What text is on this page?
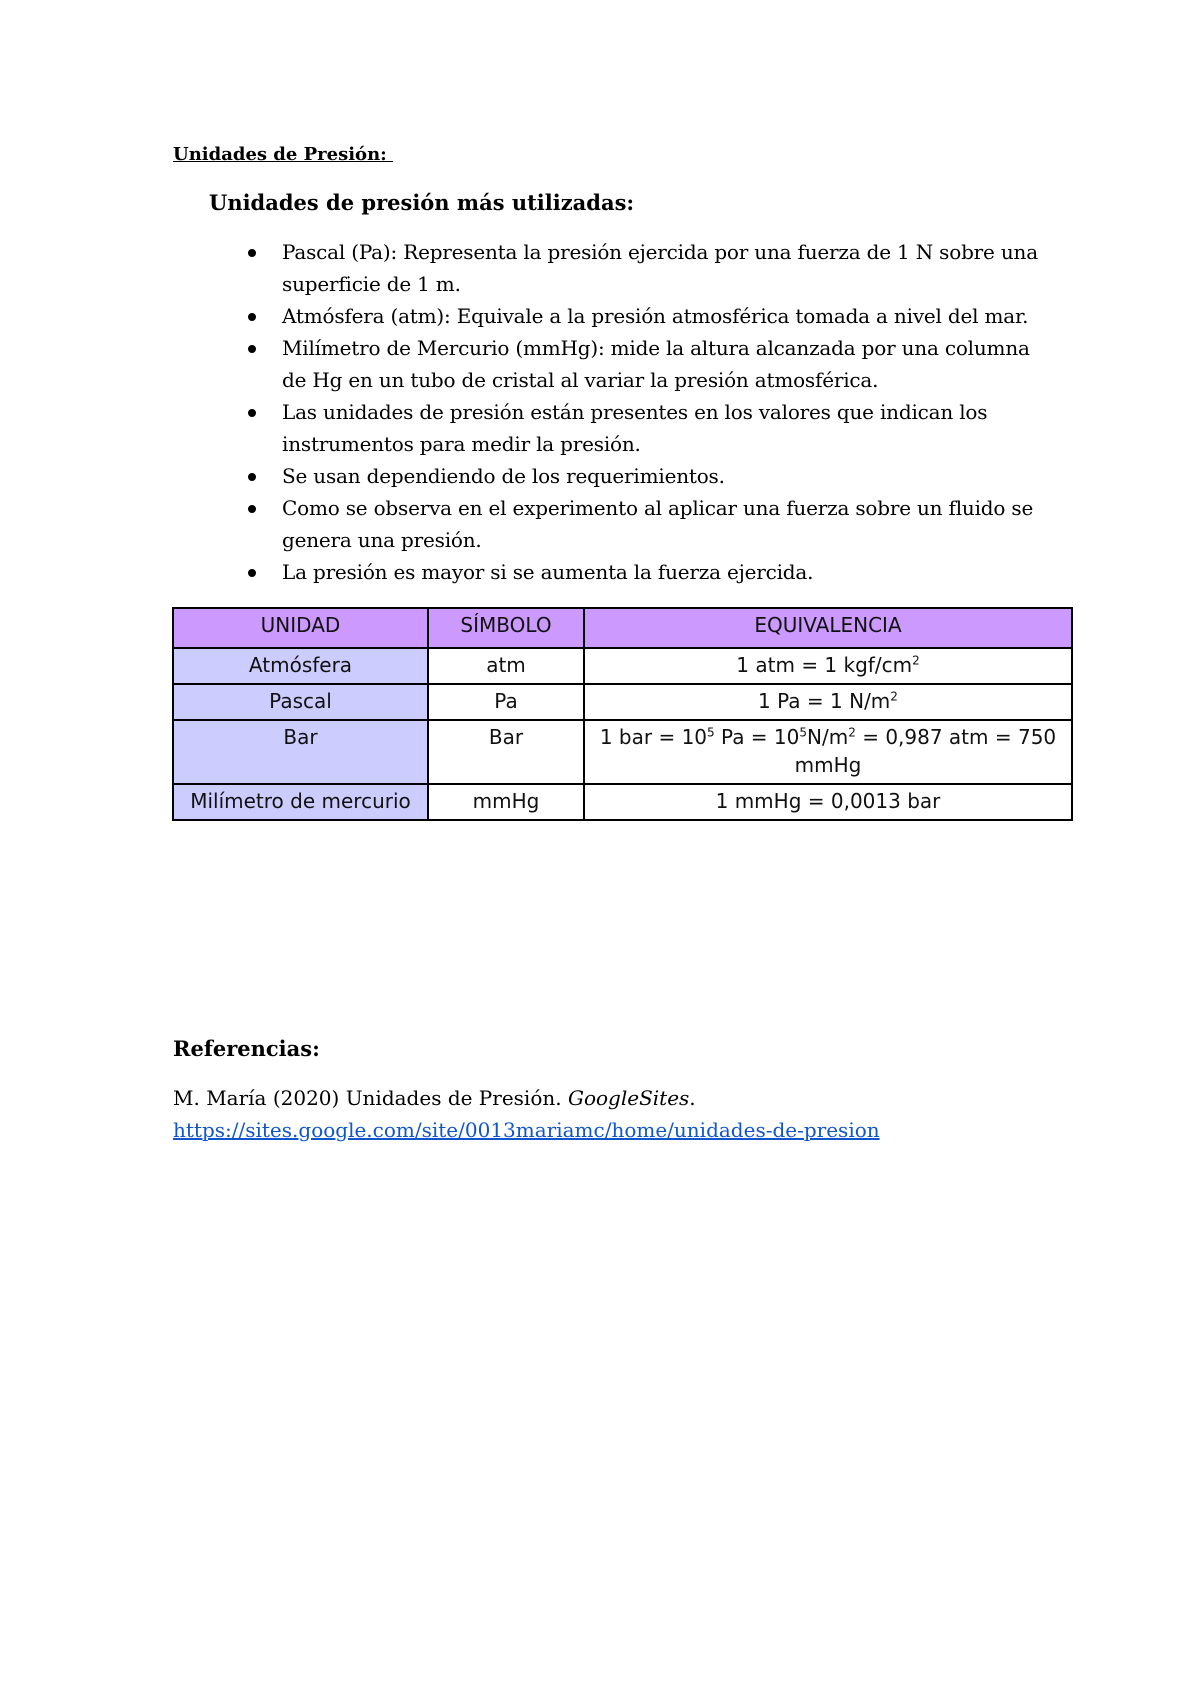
Unidades de Presión:
Unidades de presión más utilizadas:
Pascal (Pa): Representa la presión ejercida por una fuerza de 1 N sobre una superficie de 1 m.
Atmósfera (atm): Equivale a la presión atmosférica tomada a nivel del mar.
Milímetro de Mercurio (mmHg): mide la altura alcanzada por una columna de Hg en un tubo de cristal al variar la presión atmosférica.
Las unidades de presión están presentes en los valores que indican los instrumentos para medir la presión.
Se usan dependiendo de los requerimientos.
Como se observa en el experimento al aplicar una fuerza sobre un fluido se genera una presión.
La presión es mayor si se aumenta la fuerza ejercida.
UNIDAD	SÍMBOLO	EQUIVALENCIA
Atmósfera	atm	1 atm = 1 kgf/$cm^2$
Pascal	Pa	1 Pa = 1 $N/m^2$
Bar	Bar	1 bar = $10^5$ $Pa = 10^5N/m^2 = 0,987$ atm = 750 mmHg
Milímetro de mercurio	mmHg	1 mmHg = 0,0013 bar
Referencias:
M. María (2020) Unidades de Presión. GoogleSites.
https://sites.google.com/site/0013mariamc/home/unidades-de-presion
